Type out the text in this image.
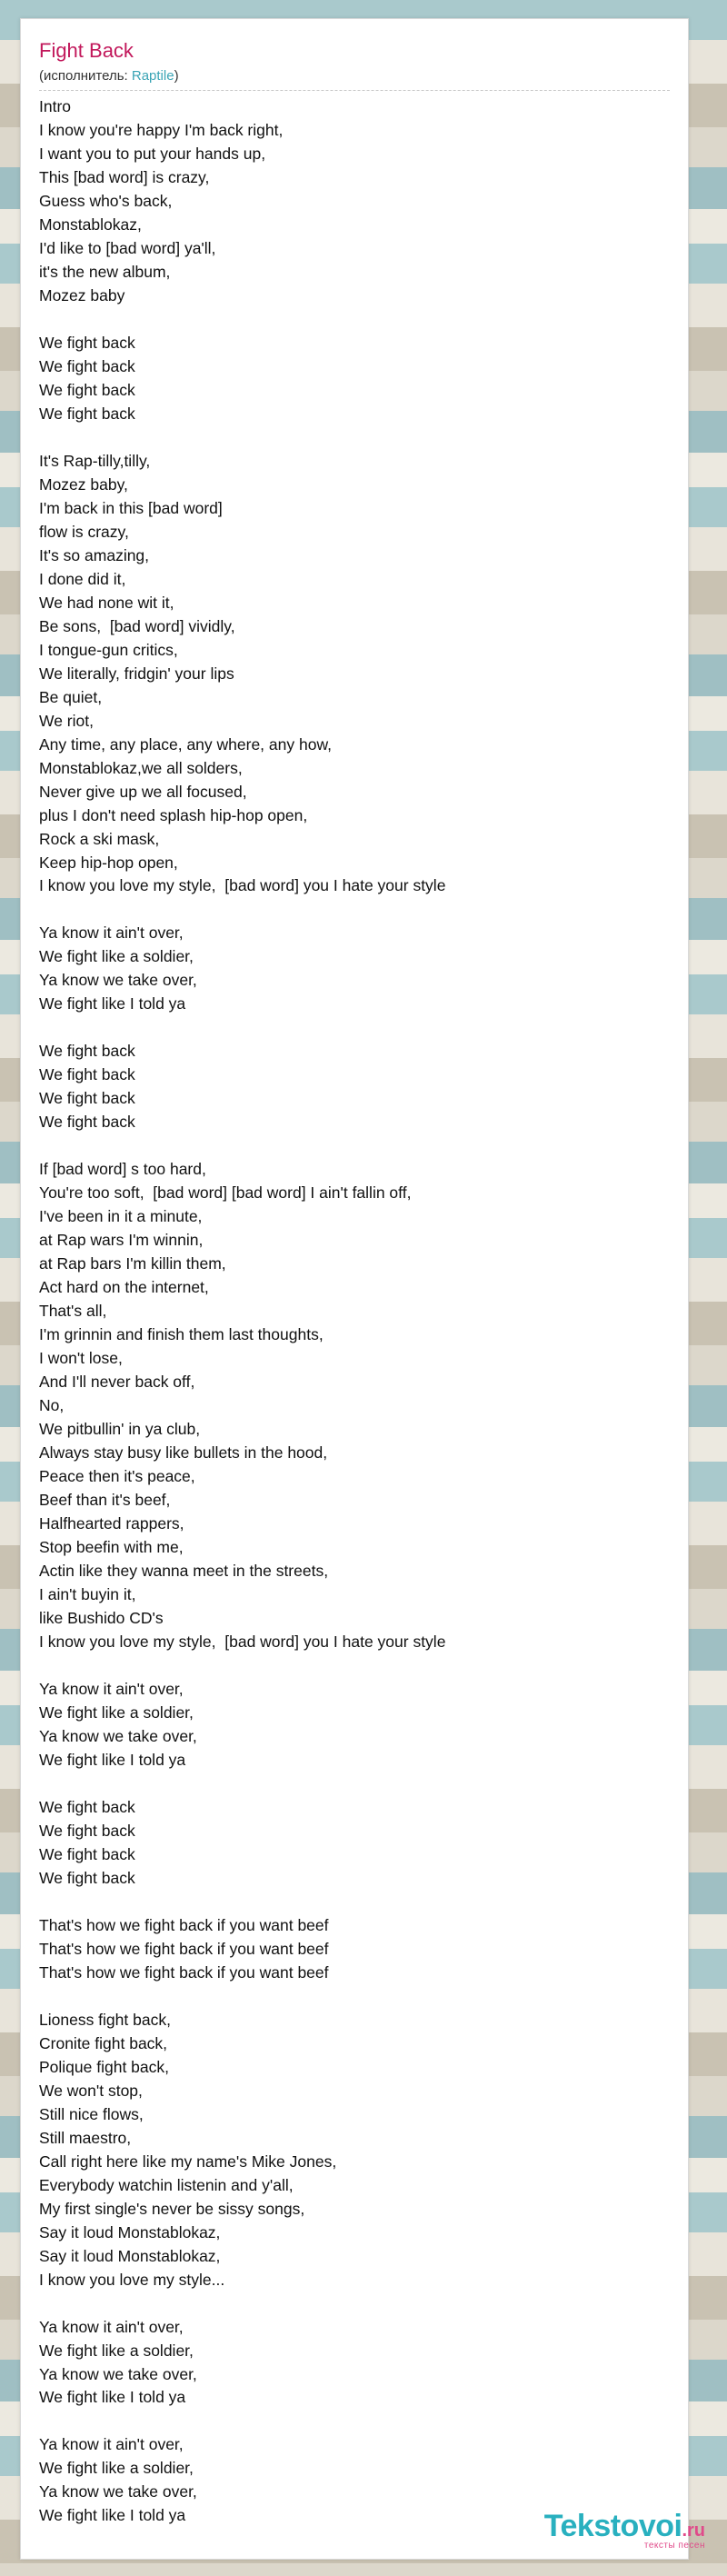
Fight Back
(исполнитель: Raptile)
Intro
I know you're happy I'm back right,
I want you to put your hands up,
This [bad word] is crazy,
Guess who's back,
Monstablokaz,
I'd like to [bad word] ya'll,
it's the new album,
Mozez baby

We fight back
We fight back
We fight back
We fight back

It's Rap-tilly,tilly,
Mozez baby,
I'm back in this [bad word]
flow is crazy,
It's so amazing,
I done did it,
We had none wit it,
Be sons,  [bad word] vividly,
I tongue-gun critics,
We literally, fridgin' your lips
Be quiet,
We riot,
Any time, any place, any where, any how,
Monstablokaz,we all solders,
Never give up we all focused,
plus I don't need splash hip-hop open,
Rock a ski mask,
Keep hip-hop open,
I know you love my style,  [bad word] you I hate your style

Ya know it ain't over,
We fight like a soldier,
Ya know we take over,
We fight like I told ya

We fight back
We fight back
We fight back
We fight back

If [bad word] s too hard,
You're too soft,  [bad word] [bad word] I ain't fallin off,
I've been in it a minute,
at Rap wars I'm winnin,
at Rap bars I'm killin them,
Act hard on the internet,
That's all,
I'm grinnin and finish them last thoughts,
I won't lose,
And I'll never back off,
No,
We pitbullin' in ya club,
Always stay busy like bullets in the hood,
Peace then it's peace,
Beef than it's beef,
Halfhearted rappers,
Stop beefin with me,
Actin like they wanna meet in the streets,
I ain't buyin it,
like Bushido CD's
I know you love my style,  [bad word] you I hate your style

Ya know it ain't over,
We fight like a soldier,
Ya know we take over,
We fight like I told ya

We fight back
We fight back
We fight back
We fight back

That's how we fight back if you want beef
That's how we fight back if you want beef
That's how we fight back if you want beef

Lioness fight back,
Cronite fight back,
Polique fight back,
We won't stop,
Still nice flows,
Still maestro,
Call right here like my name's Mike Jones,
Everybody watchin listenin and y'all,
My first single's never be sissy songs,
Say it loud Monstablokaz,
Say it loud Monstablokaz,
I know you love my style...

Ya know it ain't over,
We fight like a soldier,
Ya know we take over,
We fight like I told ya

Ya know it ain't over,
We fight like a soldier,
Ya know we take over,
We fight like I told ya	Tekstovoi.ru
тексты песен
